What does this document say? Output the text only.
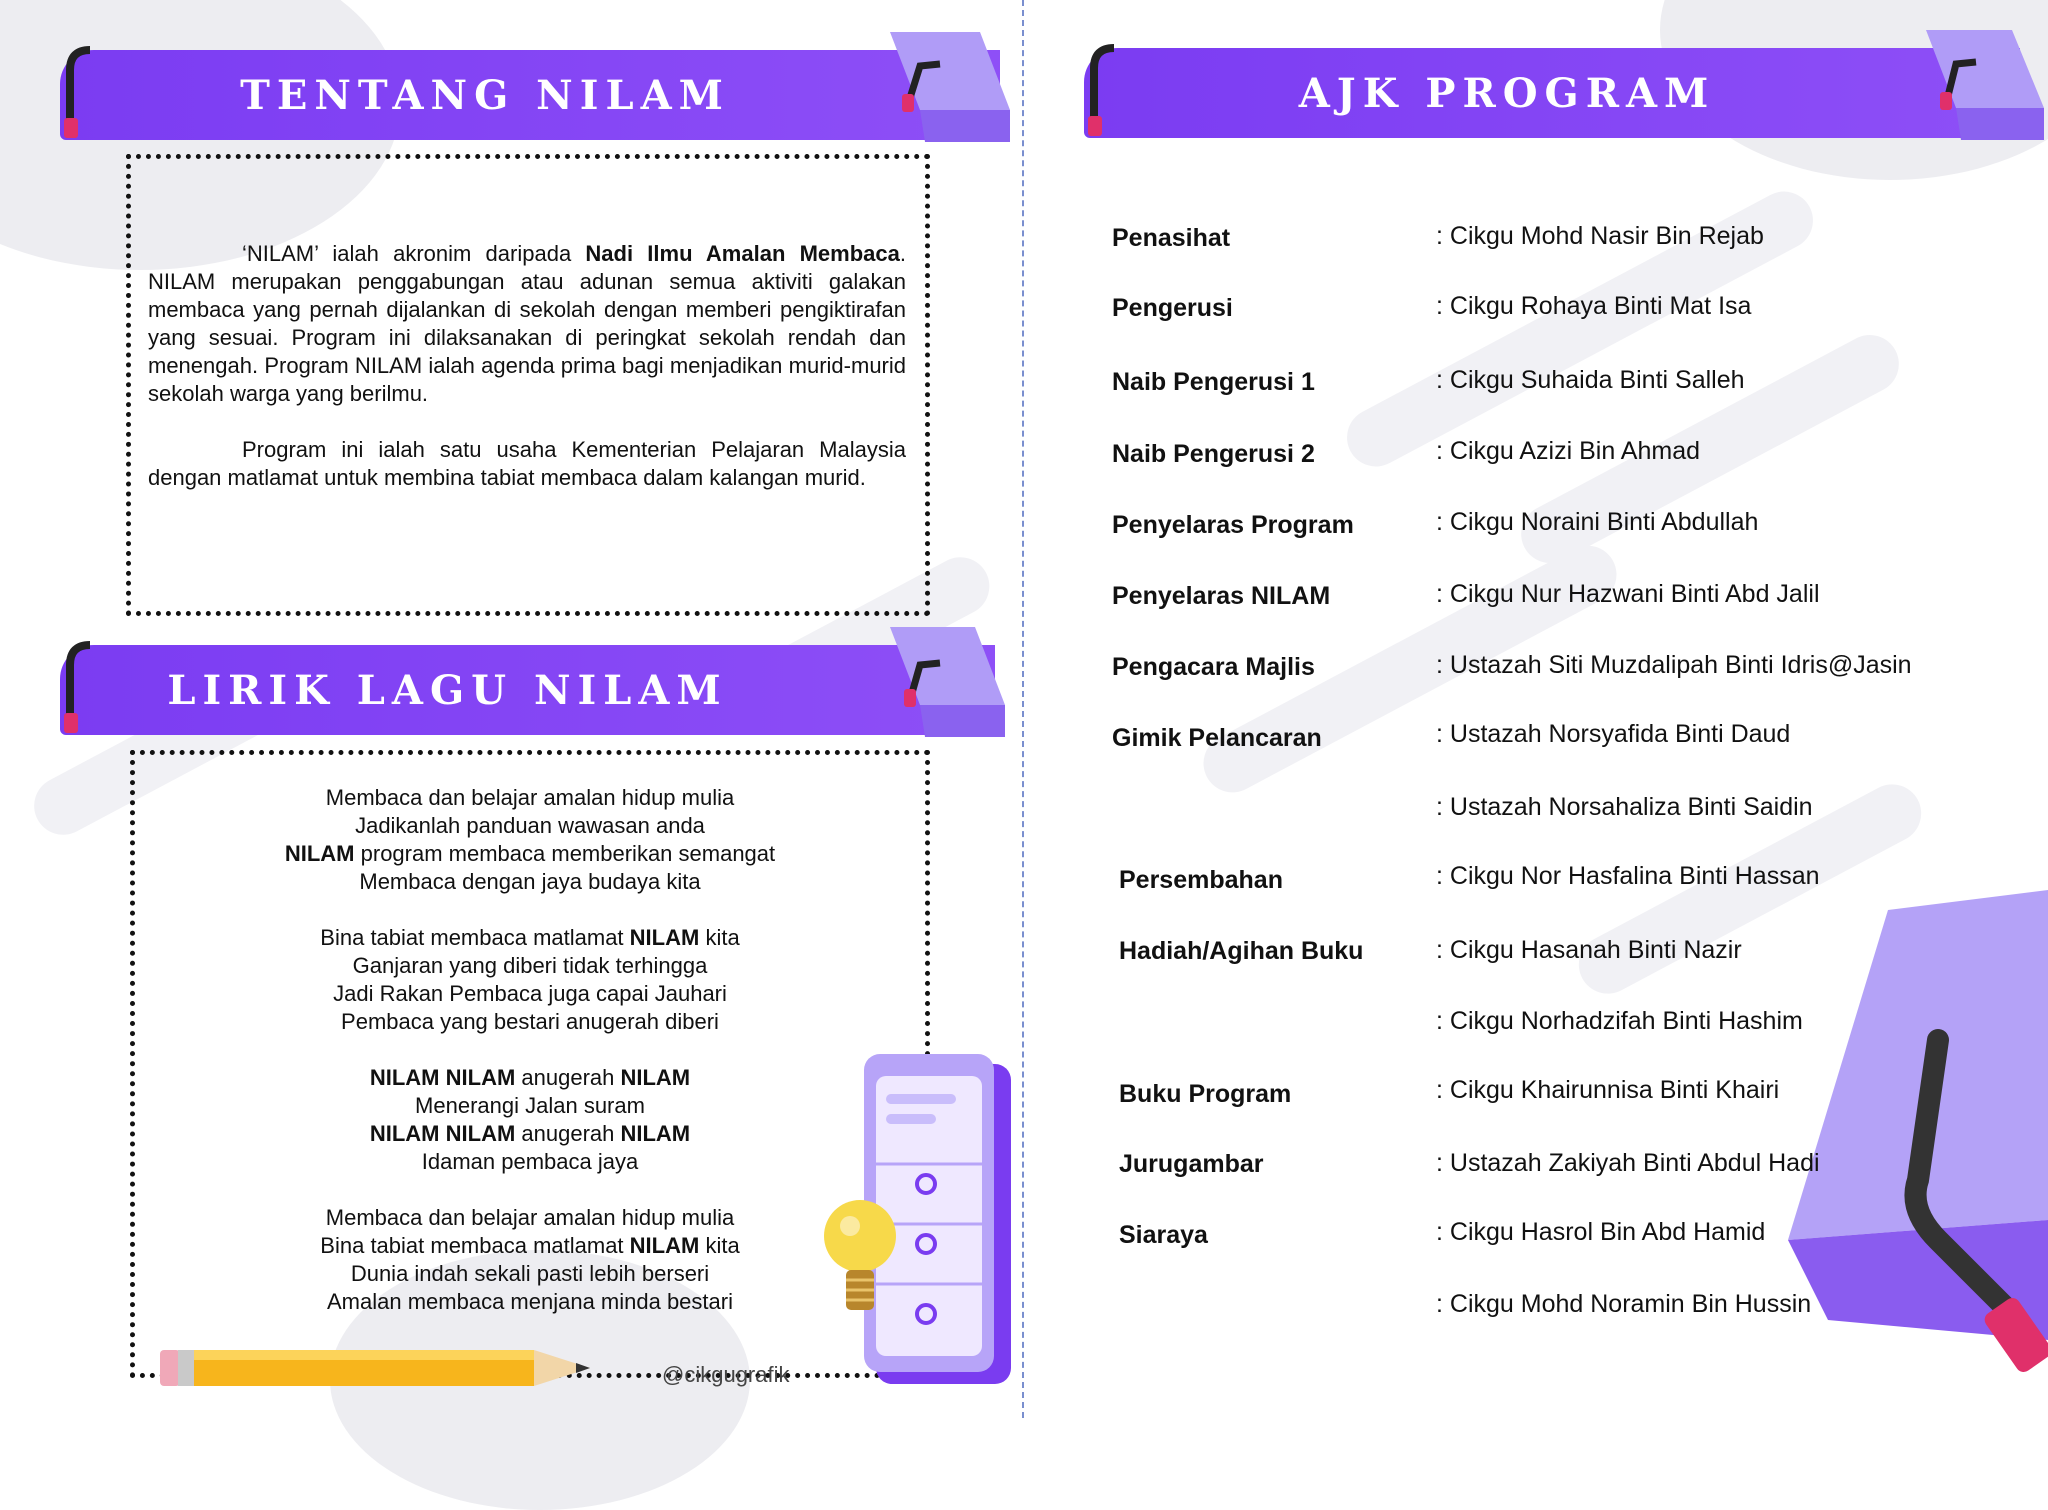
TENTANG NILAM

‘NILAM’ ialah akronim daripada Nadi Ilmu Amalan Membaca. NILAM merupakan penggabungan atau adunan semua aktiviti galakan membaca yang pernah dijalankan di sekolah dengan memberi pengiktirafan yang sesuai. Program ini dilaksanakan di peringkat sekolah rendah dan menengah. Program NILAM ialah agenda prima bagi menjadikan murid-murid sekolah warga yang berilmu.

Program ini ialah satu usaha Kementerian Pelajaran Malaysia dengan matlamat untuk membina tabiat membaca dalam kalangan murid.

LIRIK LAGU NILAM
Membaca dan belajar amalan hidup mulia
Jadikanlah panduan wawasan anda
NILAM program membaca memberikan semangat
Membaca dengan jaya budaya kita
Bina tabiat membaca matlamat NILAM kita
Ganjaran yang diberi tidak terhingga
Jadi Rakan Pembaca juga capai Jauhari
Pembaca yang bestari anugerah diberi
NILAM NILAM anugerah NILAM
Menerangi Jalan suram
NILAM NILAM anugerah NILAM
Idaman pembaca jaya
Membaca dan belajar amalan hidup mulia
Bina tabiat membaca matlamat NILAM kita
Dunia indah sekali pasti lebih berseri
Amalan membaca menjana minda bestari
@cikgugrafik
AJK PROGRAM
Penasihat
Pengerusi
Naib Pengerusi 1
Naib Pengerusi 2
Penyelaras Program
Penyelaras NILAM
Pengacara Majlis
Gimik Pelancaran
Persembahan
Hadiah/Agihan Buku
Buku Program
Jurugambar
Siaraya
: Cikgu Mohd Nasir Bin Rejab
: Cikgu Rohaya Binti Mat Isa
: Cikgu Suhaida Binti Salleh
: Cikgu Azizi Bin Ahmad
: Cikgu Noraini Binti Abdullah
: Cikgu Nur Hazwani Binti Abd Jalil
: Ustazah Siti Muzdalipah Binti Idris@Jasin
: Ustazah Norsyafida Binti Daud
: Ustazah Norsahaliza Binti Saidin
: Cikgu Nor Hasfalina Binti Hassan
: Cikgu Hasanah Binti Nazir
: Cikgu Norhadzifah Binti Hashim
: Cikgu Khairunnisa Binti Khairi
: Ustazah Zakiyah Binti Abdul Hadi
: Cikgu Hasrol Bin Abd Hamid
: Cikgu Mohd Noramin Bin Hussin
